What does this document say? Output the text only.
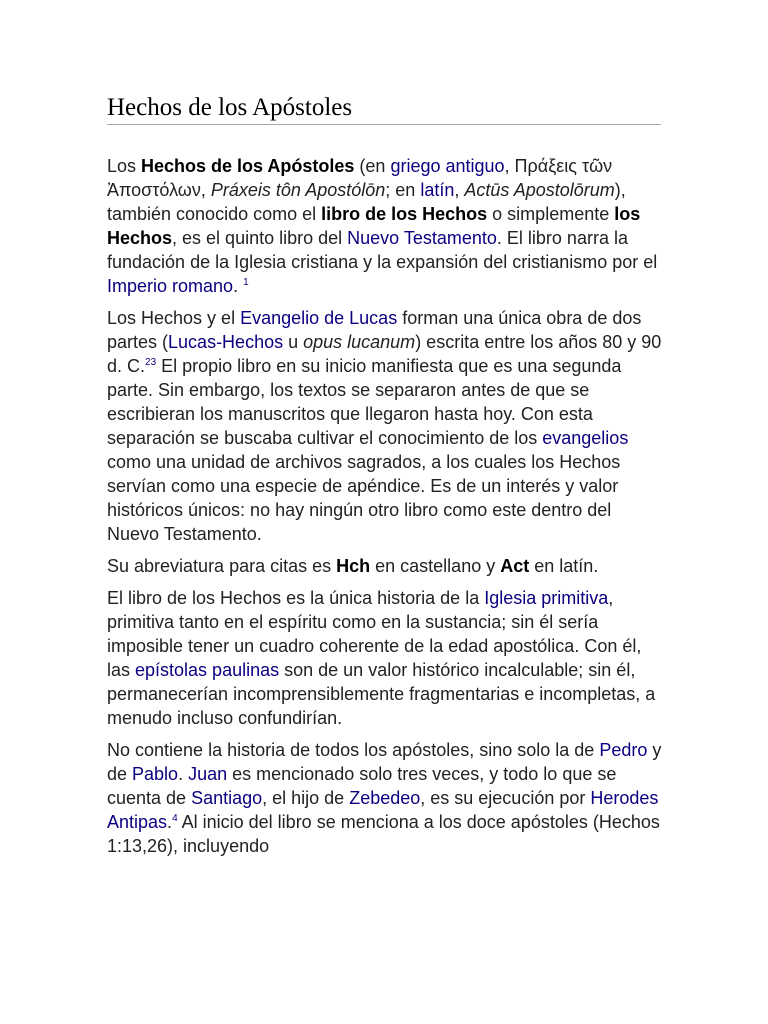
Hechos de los Apóstoles

Los Hechos de los Apóstoles (en griego antiguo, Πράξεις τῶν Ἀποστόλων, Práxeis tôn Apostólōn; en latín, Actūs Apostolōrum), también conocido como el libro de los Hechos o simplemente los Hechos, es el quinto libro del Nuevo Testamento. El libro narra la fundación de la Iglesia cristiana y la expansión del cristianismo por el Imperio romano. $^1$

Los Hechos y el Evangelio de Lucas forman una única obra de dos partes (Lucas-Hechos u opus lucanum) escrita entre los años 80 y 90 d. C.$^{23}$ El propio libro en su inicio manifiesta que es una segunda parte. Sin embargo, los textos se separaron antes de que se escribieran los manuscritos que llegaron hasta hoy. Con esta separación se buscaba cultivar el conocimiento de los evangelios como una unidad de archivos sagrados, a los cuales los Hechos servían como una especie de apéndice. Es de un interés y valor históricos únicos: no hay ningún otro libro como este dentro del Nuevo Testamento.

Su abreviatura para citas es Hch en castellano y Act en latín.

El libro de los Hechos es la única historia de la Iglesia primitiva, primitiva tanto en el espíritu como en la sustancia; sin él sería imposible tener un cuadro coherente de la edad apostólica. Con él, las epístolas paulinas son de un valor histórico incalculable; sin él, permanecerían incomprensiblemente fragmentarias e incompletas, a menudo incluso confundirían.

No contiene la historia de todos los apóstoles, sino solo la de Pedro y de Pablo. Juan es mencionado solo tres veces, y todo lo que se cuenta de Santiago, el hijo de Zebedeo, es su ejecución por Herodes Antipas.$^4$ Al inicio del libro se menciona a los doce apóstoles (Hechos 1:13,26), incluyendo
